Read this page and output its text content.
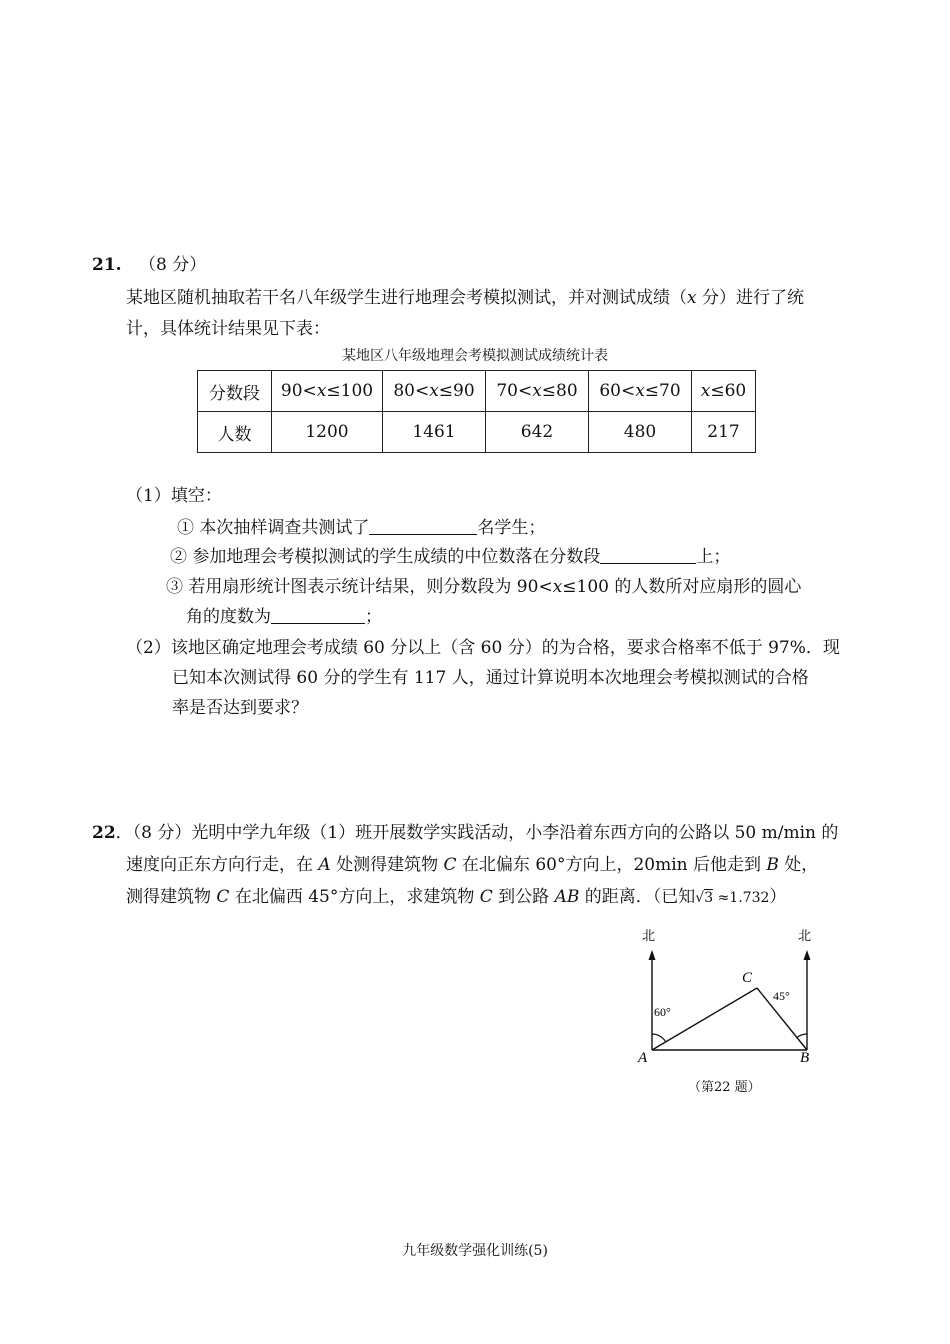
21. （8 分）
某地区随机抽取若干名八年级学生进行地理会考模拟测试，并对测试成绩（x 分）进行了统
计，具体统计结果见下表：
某地区八年级地理会考模拟测试成绩统计表
分数段	90<x≤100	80<x≤90	70<x≤80	60<x≤70	x≤60
人数	1200	1461	642	480	217
（1）填空：
① 本次抽样调查共测试了	名学生；
② 参加地理会考模拟测试的学生成绩的中位数落在分数段	上；
③ 若用扇形统计图表示统计结果，则分数段为 90<x≤100 的人数所对应扇形的圆心
角的度数为	；
（2）该地区确定地理会考成绩 60 分以上（含 60 分）的为合格，要求合格率不低于 97%．现
已知本次测试得 60 分的学生有 117 人，通过计算说明本次地理会考模拟测试的合格
率是否达到要求？
22．（8 分）光明中学九年级（1）班开展数学实践活动，小李沿着东西方向的公路以 50 m/min 的
速度向正东方向行走，在 A 处测得建筑物 C 在北偏东 60°方向上，20min 后他走到 B 处，
测得建筑物 C 在北偏西 45°方向上，求建筑物 C 到公路 AB 的距离．（已知√3 ≈1.732）
北	北
C
A	B
60°
45°
（第22 题）
九年级数学强化训练(5)
